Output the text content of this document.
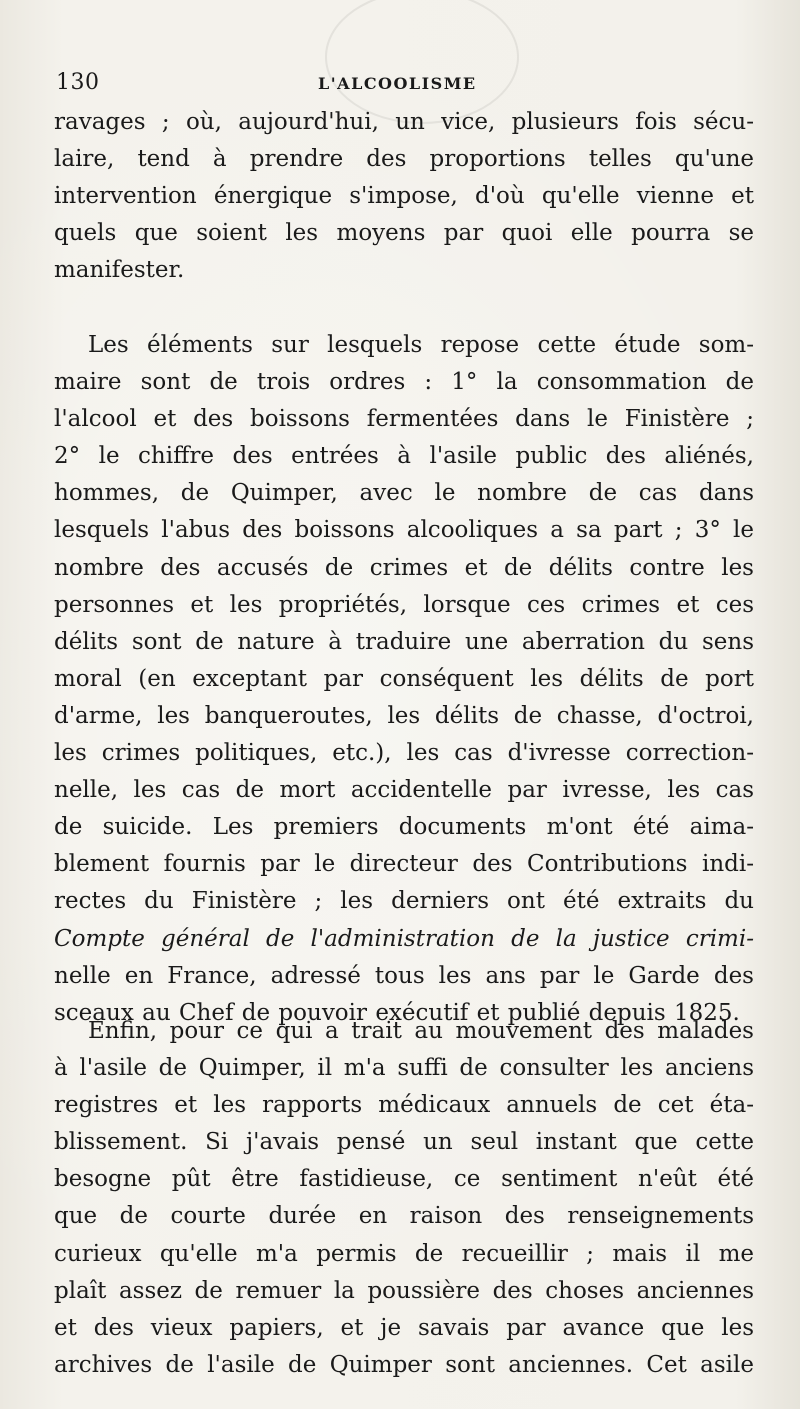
130	L'ALCOOLISME
ravages ; où, aujourd'hui, un vice, plusieurs fois sécu-
laire, tend à prendre des proportions telles qu'une
intervention énergique s'impose, d'où qu'elle vienne et
quels que soient les moyens par quoi elle pourra se
manifester.
Les éléments sur lesquels repose cette étude som-
maire sont de trois ordres : 1° la consommation de
l'alcool et des boissons fermentées dans le Finistère ;
2° le chiffre des entrées à l'asile public des aliénés,
hommes, de Quimper, avec le nombre de cas dans
lesquels l'abus des boissons alcooliques a sa part ; 3° le
nombre des accusés de crimes et de délits contre les
personnes et les propriétés, lorsque ces crimes et ces
délits sont de nature à traduire une aberration du sens
moral (en exceptant par conséquent les délits de port
d'arme, les banqueroutes, les délits de chasse, d'octroi,
les crimes politiques, etc.), les cas d'ivresse correction-
nelle, les cas de mort accidentelle par ivresse, les cas
de suicide. Les premiers documents m'ont été aima-
blement fournis par le directeur des Contributions indi-
rectes du Finistère ; les derniers ont été extraits du
Compte général de l'administration de la justice crimi-
nelle en France, adressé tous les ans par le Garde des
sceaux au Chef de pouvoir exécutif et publié depuis 1825.
Enfin, pour ce qui a trait au mouvement des malades
à l'asile de Quimper, il m'a suffi de consulter les anciens
registres et les rapports médicaux annuels de cet éta-
blissement. Si j'avais pensé un seul instant que cette
besogne pût être fastidieuse, ce sentiment n'eût été
que de courte durée en raison des renseignements
curieux qu'elle m'a permis de recueillir ; mais il me
plaît assez de remuer la poussière des choses anciennes
et des vieux papiers, et je savais par avance que les
archives de l'asile de Quimper sont anciennes. Cet asile
